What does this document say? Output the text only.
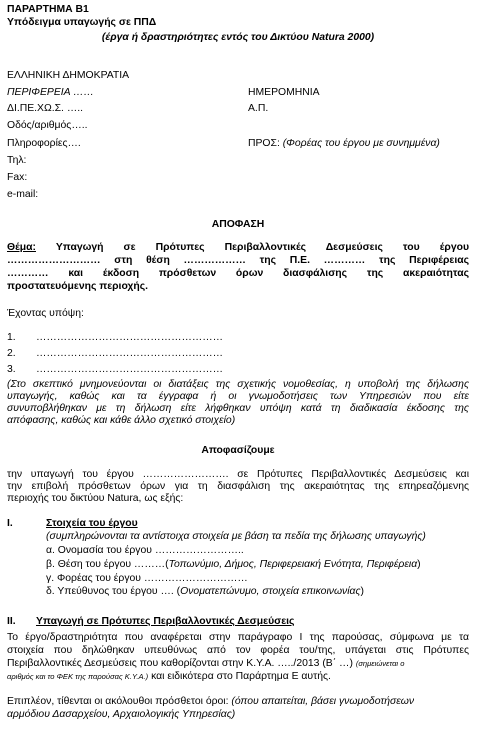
ΠΑΡΑΡΤΗΜΑ Β1
Υπόδειγμα υπαγωγής σε ΠΠΔ
(έργα ή δραστηριότητες εντός του Δικτύου Natura 2000)
ΕΛΛΗΝΙΚΗ ΔΗΜΟΚΡΑΤΙΑ
ΠΕΡΙΦΕΡΕΙΑ ……	ΗΜΕΡΟΜΗΝΙΑ
ΔΙ.ΠΕ.ΧΩ.Σ. …..	Α.Π.
Οδός/αριθμός…..
Πληροφορίες….	ΠΡΟΣ: (Φορέας του έργου με συνημμένα)
Τηλ:
Fax:
e-mail:
ΑΠΟΦΑΣΗ
Θέμα: Υπαγωγή σε Πρότυπες Περιβαλλοντικές Δεσμεύσεις του έργου
……………………… στη θέση ……………… της Π.Ε. ………… της Περιφέρειας
………… και έκδοση πρόσθετων όρων διασφάλισης της ακεραιότητας
προστατευόμενης περιοχής.
Έχοντας υπόψη:
1. ………………………………………………
2. ………………………………………………
3. ………………………………………………
(Στο σκεπτικό μνημονεύονται οι διατάξεις της σχετικής νομοθεσίας, η υποβολή της δήλωσης
υπαγωγής, καθώς και τα έγγραφα ή οι γνωμοδοτήσεις των Υπηρεσιών που είτε
συνυποβλήθηκαν με τη δήλωση είτε λήφθηκαν υπόψη κατά τη διαδικασία έκδοσης της
απόφασης, καθώς και κάθε άλλο σχετικό στοιχείο)
Αποφασίζουμε
την υπαγωγή του έργου ……………………. σε Πρότυπες Περιβαλλοντικές Δεσμεύσεις και
την επιβολή πρόσθετων όρων για τη διασφάλιση της ακεραιότητας της επηρεαζόμενης
περιοχής του δικτύου Natura, ως εξής:
I.	Στοιχεία του έργου
(συμπληρώνονται τα αντίστοιχα στοιχεία με βάση τα πεδία της δήλωσης υπαγωγής)
α. Ονομασία του έργου ……………………..
β. Θέση του έργου ………(Τοπωνύμιο, Δήμος, Περιφερειακή Ενότητα, Περιφέρεια)
γ. Φορέας του έργου …………………………
δ. Υπεύθυνος του έργου …. (Ονοματεπώνυμο, στοιχεία επικοινωνίας)
II. Υπαγωγή σε Πρότυπες Περιβαλλοντικές Δεσμεύσεις
Το έργο/δραστηριότητα που αναφέρεται στην παράγραφο Ι της παρούσας, σύμφωνα με τα
στοιχεία που δηλώθηκαν υπευθύνως από τον φορέα του/της, υπάγεται στις Πρότυπες
Περιβαλλοντικές Δεσμεύσεις που καθορίζονται στην Κ.Υ.Α. …../2013 (Β΄ …) (σημειώνεται ο
αριθμός και το ΦΕΚ της παρούσας Κ.Υ.Α.) και ειδικότερα στο Παράρτημα Ε αυτής.
Επιπλέον, τίθενται οι ακόλουθοι πρόσθετοι όροι: (όπου απαιτείται, βάσει γνωμοδοτήσεων
αρμόδιου Δασαρχείου, Αρχαιολογικής Υπηρεσίας)
